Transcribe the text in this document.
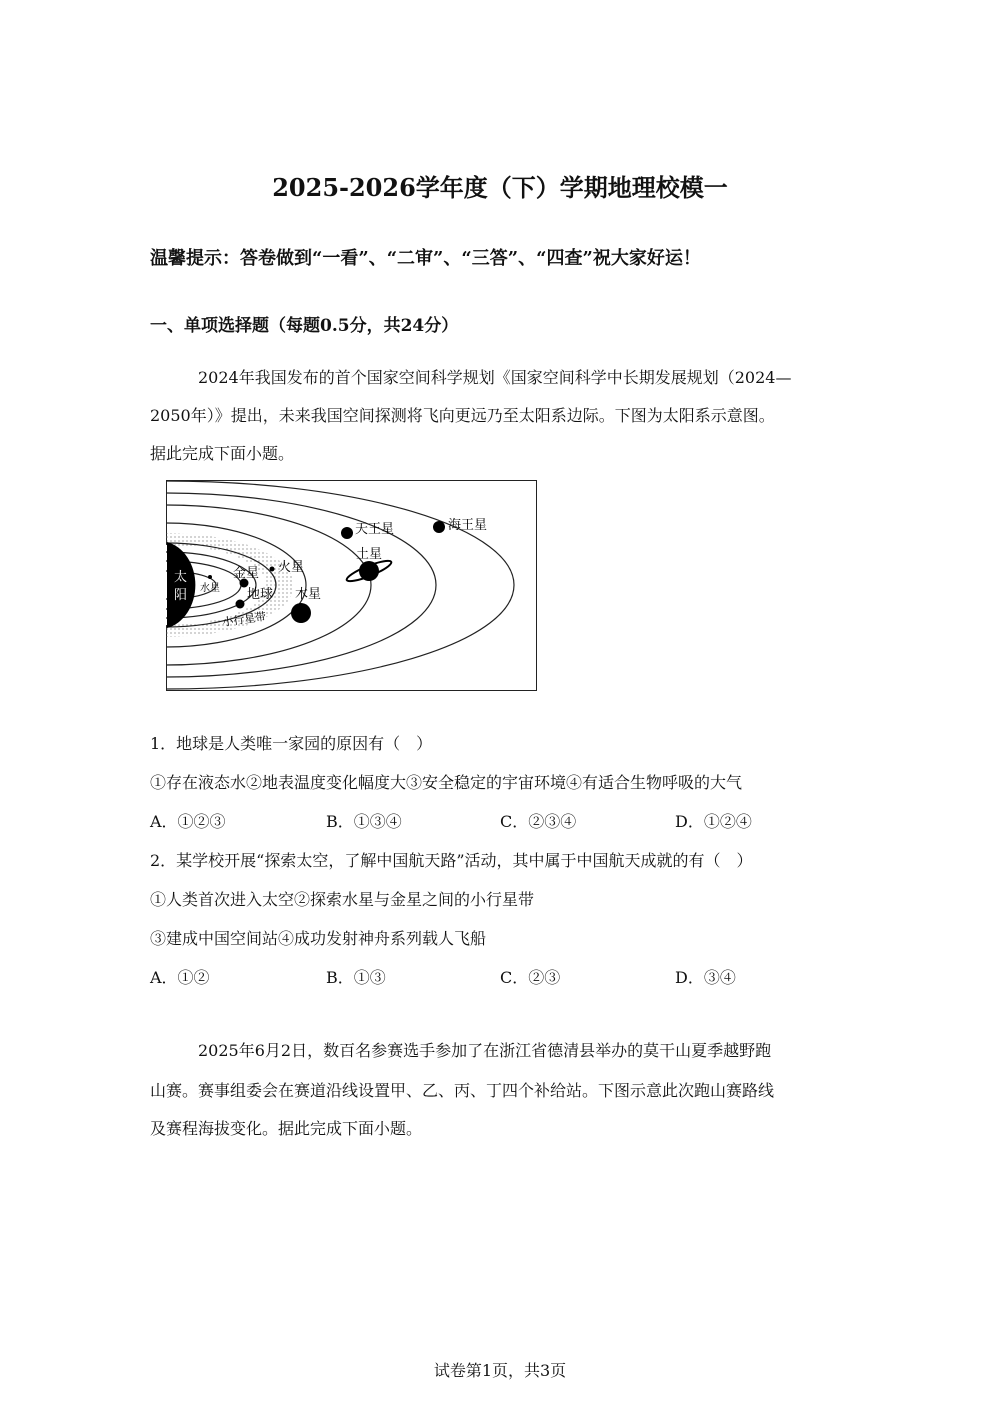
2025-2026学年度（下）学期地理校模一
温馨提示：答卷做到“一看”、“二审”、“三答”、“四查”祝大家好运！
一、单项选择题（每题0.5分，共24分）
2024年我国发布的首个国家空间科学规划《国家空间科学中长期发展规划（2024—
2050年）》提出，未来我国空间探测将飞向更远乃至太阳系边际。下图为太阳系示意图。
据此完成下面小题。
太
阳 水星
金星
地球
火星
小行星带
木星
土星
天王星	海王星
1．地球是人类唯一家园的原因有（　）
①存在液态水②地表温度变化幅度大③安全稳定的宇宙环境④有适合生物呼吸的大气
A．①②③	B．①③④	C．②③④	D．①②④
2．某学校开展“探索太空，了解中国航天路”活动，其中属于中国航天成就的有（　）
①人类首次进入太空②探索水星与金星之间的小行星带
③建成中国空间站④成功发射神舟系列载人飞船
A．①②	B．①③	C．②③	D．③④
2025年6月2日，数百名参赛选手参加了在浙江省德清县举办的莫干山夏季越野跑
山赛。赛事组委会在赛道沿线设置甲、乙、丙、丁四个补给站。下图示意此次跑山赛路线
及赛程海拔变化。据此完成下面小题。
试卷第1页，共3页
